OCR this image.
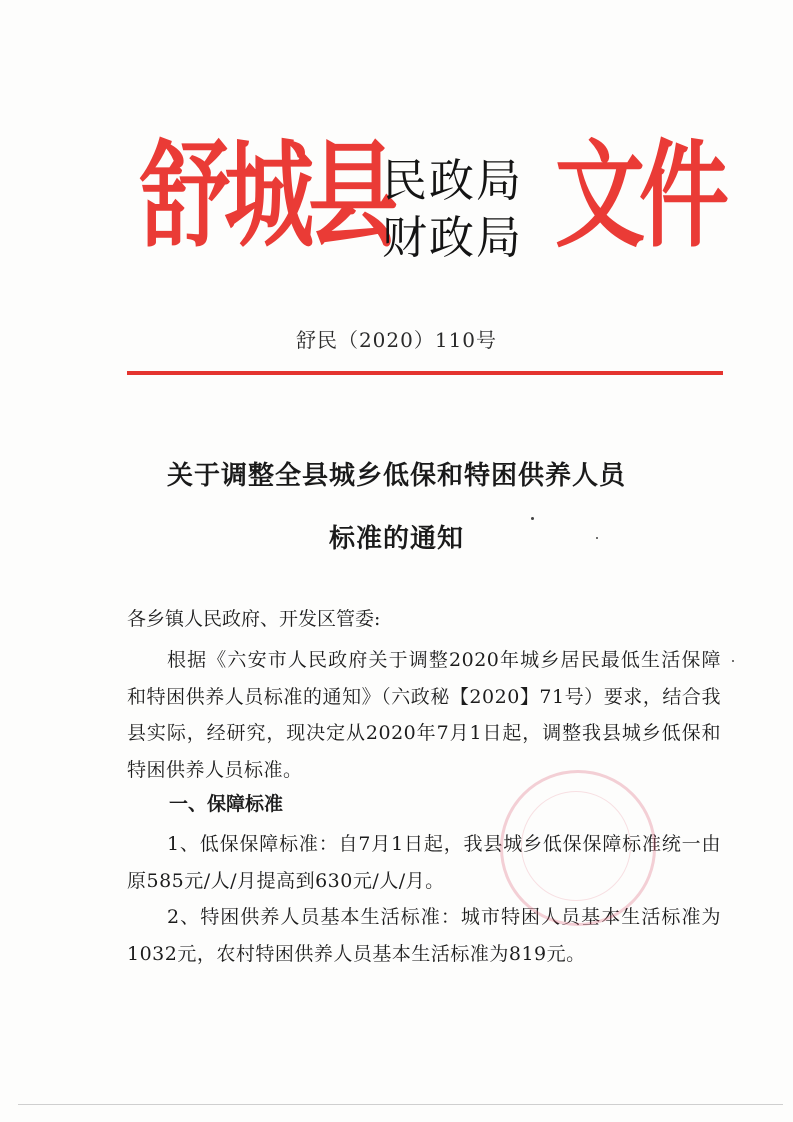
舒城县
民政局
财政局 文件
舒民（2020）110号
关于调整全县城乡低保和特困供养人员
标准的通知
各乡镇人民政府、开发区管委:
根据《六安市人民政府关于调整2020年城乡居民最低生活保障和特困供养人员标准的通知》（六政秘【2020】71号）要求，结合我县实际，经研究，现决定从2020年7月1日起，调整我县城乡低保和特困供养人员标准。
一、保障标准
1、低保保障标准：自7月1日起，我县城乡低保保障标准统一由原585元/人/月提高到630元/人/月。
2、特困供养人员基本生活标准：城市特困人员基本生活标准为1032元，农村特困供养人员基本生活标准为819元。
